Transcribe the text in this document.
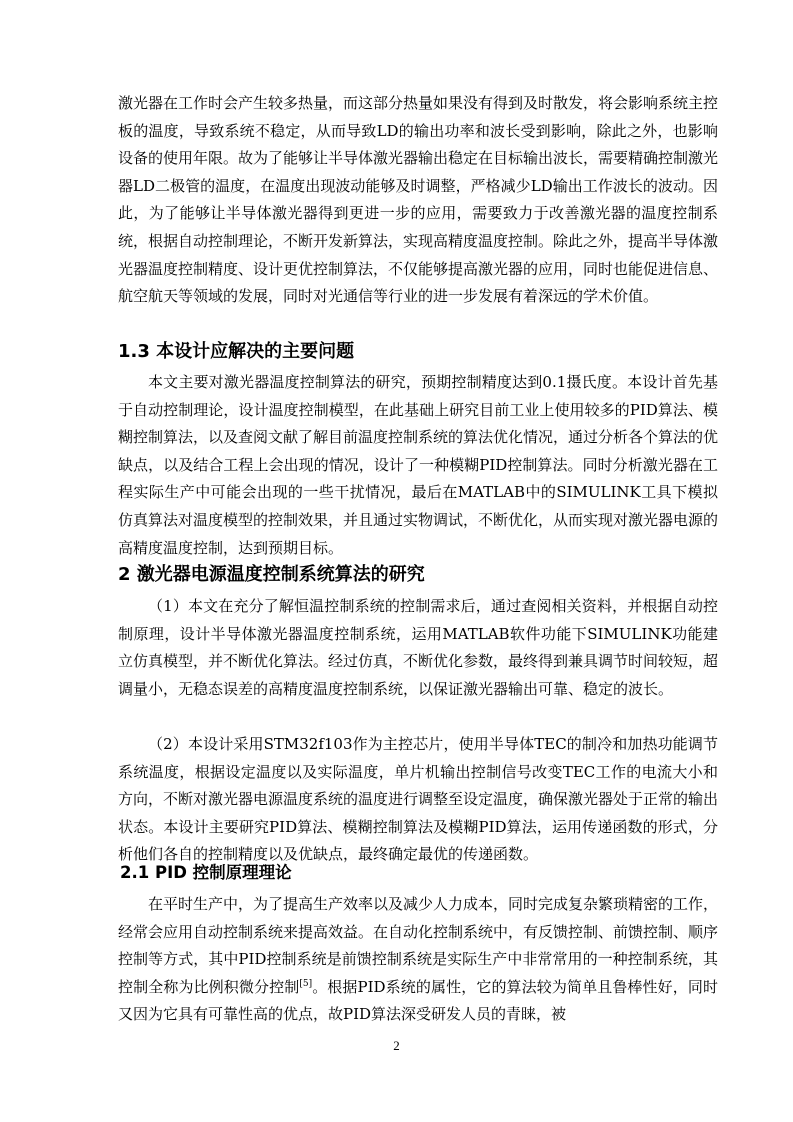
激光器在工作时会产生较多热量，而这部分热量如果没有得到及时散发，将会影响系统主控板的温度，导致系统不稳定，从而导致LD的输出功率和波长受到影响，除此之外，也影响设备的使用年限。故为了能够让半导体激光器输出稳定在目标输出波长，需要精确控制激光器LD二极管的温度，在温度出现波动能够及时调整，严格减少LD输出工作波长的波动。因此，为了能够让半导体激光器得到更进一步的应用，需要致力于改善激光器的温度控制系统，根据自动控制理论，不断开发新算法，实现高精度温度控制。除此之外，提高半导体激光器温度控制精度、设计更优控制算法，不仅能够提高激光器的应用，同时也能促进信息、航空航天等领域的发展，同时对光通信等行业的进一步发展有着深远的学术价值。

1.3 本设计应解决的主要问题

本文主要对激光器温度控制算法的研究，预期控制精度达到0.1摄氏度。本设计首先基于自动控制理论，设计温度控制模型，在此基础上研究目前工业上使用较多的PID算法、模糊控制算法，以及查阅文献了解目前温度控制系统的算法优化情况，通过分析各个算法的优缺点，以及结合工程上会出现的情况，设计了一种模糊PID控制算法。同时分析激光器在工程实际生产中可能会出现的一些干扰情况，最后在MATLAB中的SIMULINK工具下模拟仿真算法对温度模型的控制效果，并且通过实物调试，不断优化，从而实现对激光器电源的高精度温度控制，达到预期目标。

2 激光器电源温度控制系统算法的研究

（1）本文在充分了解恒温控制系统的控制需求后，通过查阅相关资料，并根据自动控制原理，设计半导体激光器温度控制系统，运用MATLAB软件功能下SIMULINK功能建立仿真模型，并不断优化算法。经过仿真，不断优化参数，最终得到兼具调节时间较短，超调量小，无稳态误差的高精度温度控制系统，以保证激光器输出可靠、稳定的波长。

（2）本设计采用STM32f103作为主控芯片，使用半导体TEC的制冷和加热功能调节系统温度，根据设定温度以及实际温度，单片机输出控制信号改变TEC工作的电流大小和方向，不断对激光器电源温度系统的温度进行调整至设定温度，确保激光器处于正常的输出状态。本设计主要研究PID算法、模糊控制算法及模糊PID算法，运用传递函数的形式，分析他们各自的控制精度以及优缺点，最终确定最优的传递函数。

2.1 PID 控制原理理论

在平时生产中，为了提高生产效率以及减少人力成本，同时完成复杂繁琐精密的工作，经常会应用自动控制系统来提高效益。在自动化控制系统中，有反馈控制、前馈控制、顺序控制等方式，其中PID控制系统是前馈控制系统是实际生产中非常常用的一种控制系统，其控制全称为比例积微分控制[5]。根据PID系统的属性，它的算法较为简单且鲁棒性好，同时又因为它具有可靠性高的优点，故PID算法深受研发人员的青睐，被

2
